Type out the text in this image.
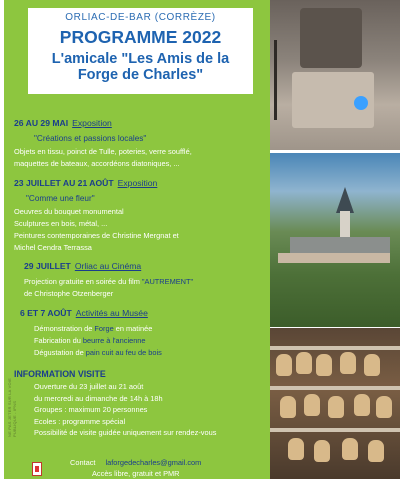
ORLIAC-DE-BAR (CORRÈZE)
PROGRAMME 2022
L'amicale "Les Amis de la
Forge de Charles"
26 AU 29 MAI Exposition
"Créations et passions locales"
Objets en tissu, poinct de Tulle, poteries, verre soufflé,
maquettes de bateaux, accordéons diatoniques, ...
23 JUILLET AU 21 AOÛT Exposition
"Comme une fleur"
Oeuvres du bouquet monumental
Sculptures en bois, métal, ...
Peintures contemporaines de Christine Mergnat et
Michel Cendra Terrassa
29 JUILLET Orliac au Cinéma
Projection gratuite en soirée du film "AUTREMENT"
de Christophe Otzenberger
6 ET 7 AOÛT Activités au Musée
Démonstration de Forge en matinée
Fabrication du beurre à l'ancienne
Dégustation de pain cuit au feu de bois
INFORMATION VISITE
Ouverture du 23 juillet au 21 août
du mercredi au dimanche de 14h à 18h
Groupes : maximum 20 personnes
Ecoles : programme spécial
Possibilité de visite guidée uniquement sur rendez-vous
Contact laforgedecharles@gmail.com
Accès libre, gratuit et PMR
NE PAS JETER SUR LA VOIE PUBLIQUE - IPNS
